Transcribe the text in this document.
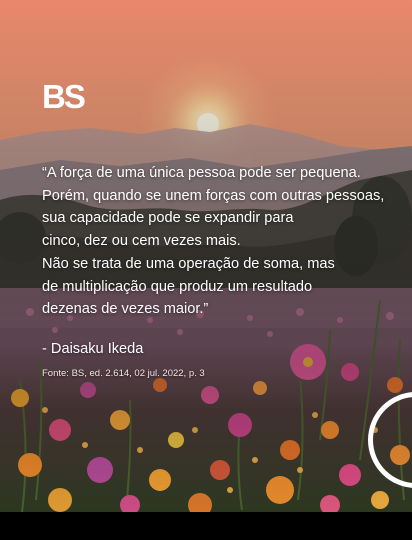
BS
“A força de uma única pessoa pode ser pequena.
Porém, quando se unem forças com outras pessoas,
sua capacidade pode se expandir para
cinco, dez ou cem vezes mais.
Não se trata de uma operação de soma, mas
de multiplicação que produz um resultado
dezenas de vezes maior.”
- Daisaku Ikeda
Fonte: BS, ed. 2.614, 02 jul. 2022, p. 3
